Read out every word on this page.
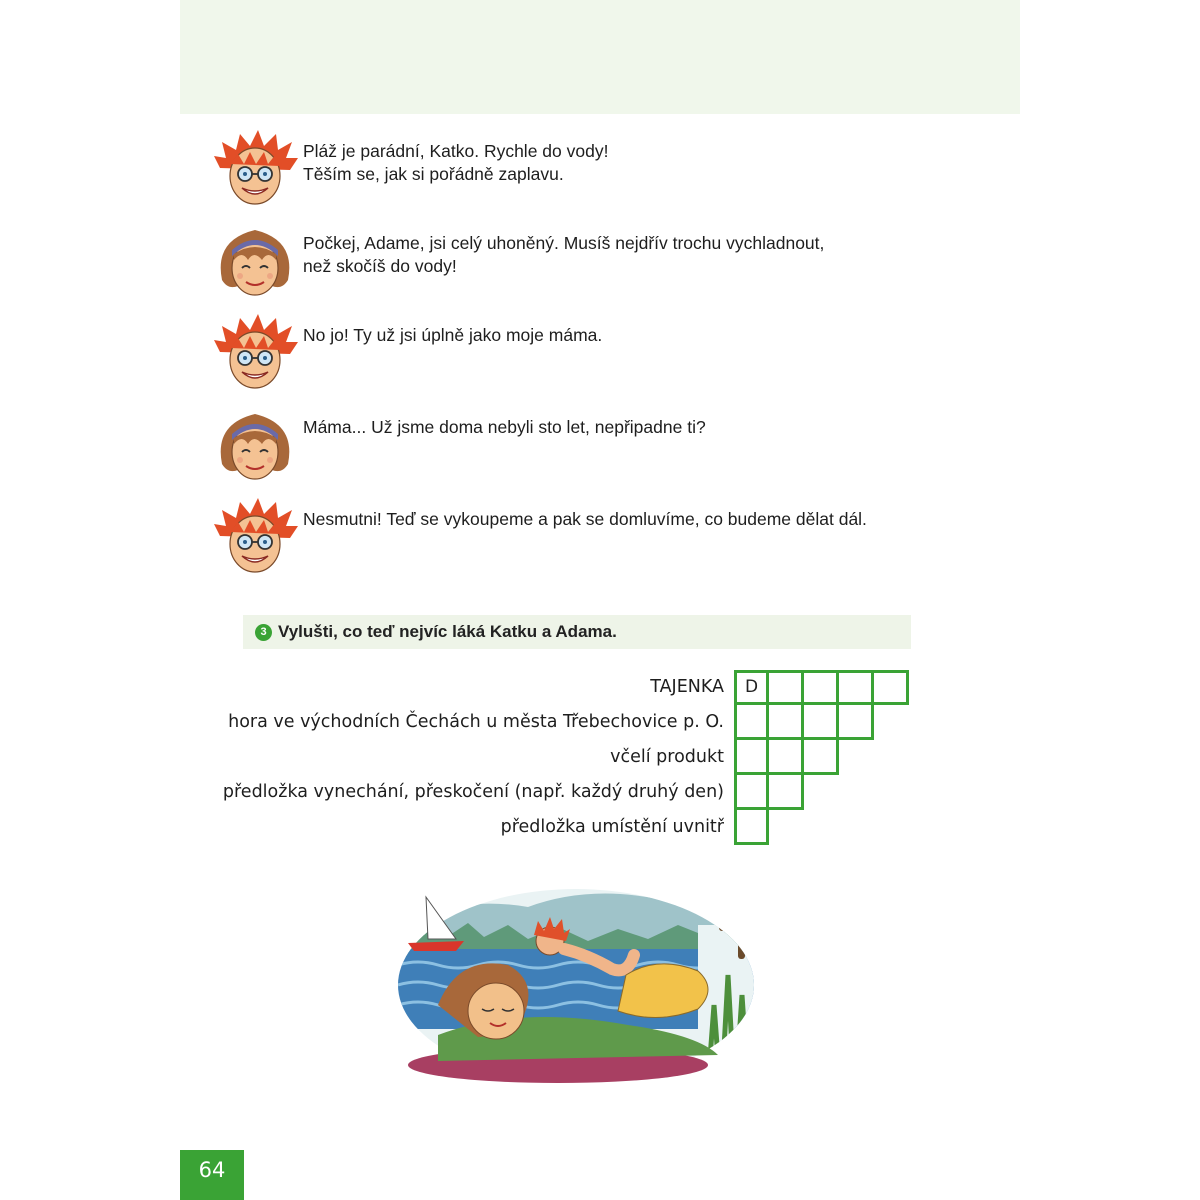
Pláž je parádní, Katko. Rychle do vody!
Těším se, jak si pořádně zaplavu.
Počkej, Adame, jsi celý uhoněný. Musíš nejdřív trochu vychladnout,
než skočíš do vody!
No jo! Ty už jsi úplně jako moje máma.
Máma... Už jsme doma nebyli sto let, nepřipadne ti?
Nesmutni! Teď se vykoupeme a pak se domluvíme, co budeme dělat dál.
3 Vylušti, co teď nejvíc láká Katku a Adama.
TAJENKA	D
hora ve východních Čechách u města Třebechovice p. O.
včelí produkt
předložka vynechání, přeskočení (např. každý druhý den)
předložka umístění uvnitř
64
